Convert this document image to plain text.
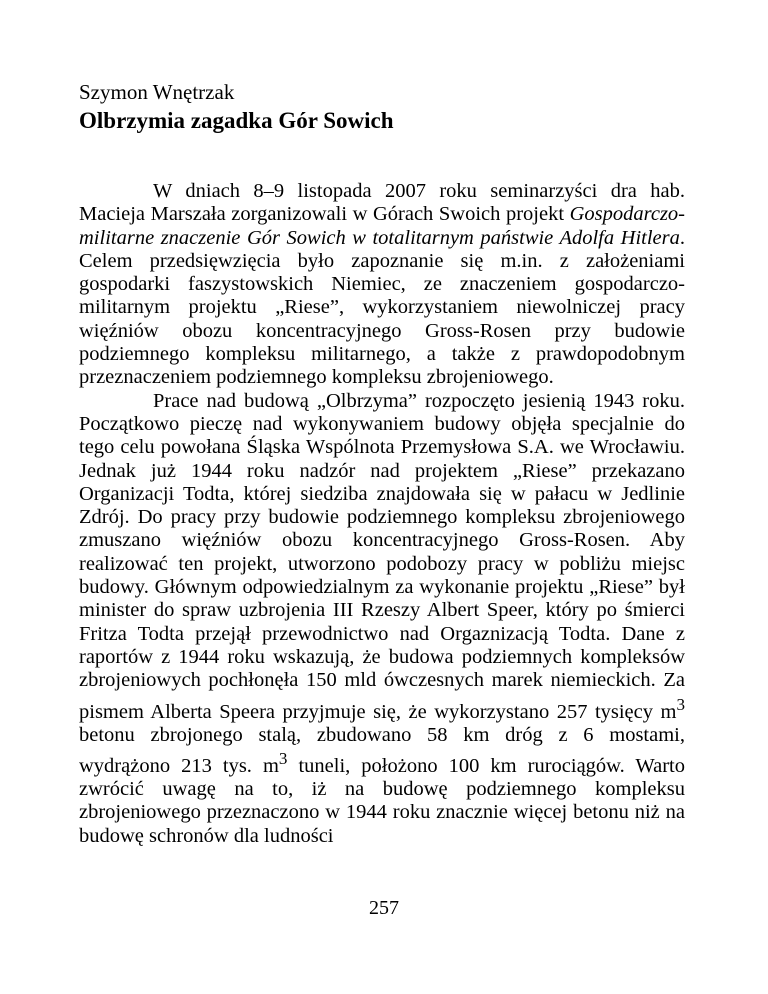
Szymon Wnętrzak

Olbrzymia zagadka Gór Sowich

W dniach 8–9 listopada 2007 roku seminarzyści dra hab. Macieja Marszała zorganizowali w Górach Swoich projekt Gospodarczo-militarne znaczenie Gór Sowich w totalitarnym państwie Adolfa Hitlera. Celem przedsięwzięcia było zapoznanie się m.in. z założeniami gospodarki faszystowskich Niemiec, ze znaczeniem gospodarczo-militarnym projektu „Riese”, wykorzystaniem niewolniczej pracy więźniów obozu koncentracyjnego Gross-Rosen przy budowie podziemnego kompleksu militarnego, a także z prawdopodobnym przeznaczeniem podziemnego kompleksu zbrojeniowego.

Prace nad budową „Olbrzyma” rozpoczęto jesienią 1943 roku. Początkowo pieczę nad wykonywaniem budowy objęła specjalnie do tego celu powołana Śląska Wspólnota Przemysłowa S.A. we Wrocławiu. Jednak już 1944 roku nadzór nad projektem „Riese” przekazano Organizacji Todta, której siedziba znajdowała się w pałacu w Jedlinie Zdrój. Do pracy przy budowie podziemnego kompleksu zbrojeniowego zmuszano więźniów obozu koncentracyjnego Gross-Rosen. Aby realizować ten projekt, utworzono podobozy pracy w pobliżu miejsc budowy. Głównym odpowiedzialnym za wykonanie projektu „Riese” był minister do spraw uzbrojenia III Rzeszy Albert Speer, który po śmierci Fritza Todta przejął przewodnictwo nad Orgaznizacją Todta. Dane z raportów z 1944 roku wskazują, że budowa podziemnych kompleksów zbrojeniowych pochłonęła 150 mld ówczesnych marek niemieckich. Za pismem Alberta Speera przyjmuje się, że wykorzystano 257 tysięcy $m^3$ betonu zbrojonego stalą, zbudowano 58 km dróg z 6 mostami, wydrążono 213 tys. $m^3$ tuneli, położono 100 km rurociągów. Warto zwrócić uwagę na to, iż na budowę podziemnego kompleksu zbrojeniowego przeznaczono w 1944 roku znacznie więcej betonu niż na budowę schronów dla ludności

257
